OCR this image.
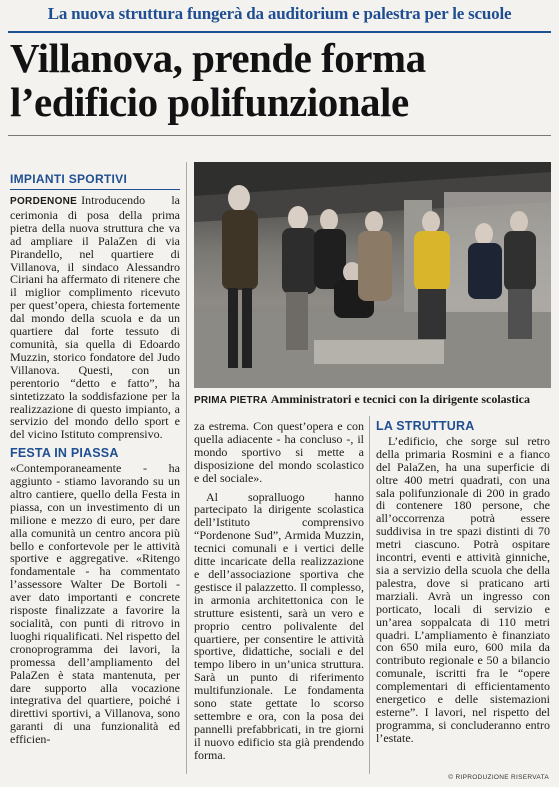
La nuova struttura fungerà da auditorium e palestra per le scuole
Villanova, prende forma
l’edificio polifunzionale
IMPIANTI SPORTIVI

PORDENONE Introducendo la cerimonia di posa della prima pietra della nuova struttura che va ad ampliare il PalaZen di via Pirandello, nel quartiere di Villanova, il sindaco Alessandro Ciriani ha affermato di ritenere che il miglior complimento ricevuto per quest’opera, chiesta fortemente dal mondo della scuola e da un quartiere dal forte tessuto di comunità, sia quella di Edoardo Muzzin, storico fondatore del Judo Villanova. Questi, con un perentorio “detto e fatto”, ha sintetizzato la soddisfazione per la realizzazione di questo impianto, a servizio del mondo dello sport e del vicino Istituto comprensivo.

FESTA IN PIASSA

«Contemporaneamente - ha aggiunto - stiamo lavorando su un altro cantiere, quello della Festa in piassa, con un investimento di un milione e mezzo di euro, per dare alla comunità un centro ancora più bello e confortevole per le attività sportive e aggregative. «Ritengo fondamentale - ha commentato l’assessore Walter De Bortoli - aver dato importanti e concrete risposte finalizzate a favorire la socialità, con punti di ritrovo in luoghi riqualificati. Nel rispetto del cronoprogramma dei lavori, la promessa dell’ampliamento del PalaZen è stata mantenuta, per dare supporto alla vocazione integrativa del quartiere, poiché i direttivi sportivi, a Villanova, sono garanti di una funzionalità ed efficien-

PRIMA PIETRA Amministratori e tecnici con la dirigente scolastica

za estrema. Con quest’opera e con quella adiacente - ha concluso -, il mondo sportivo si mette a disposizione del mondo scolastico e del sociale».

Al sopralluogo hanno partecipato la dirigente scolastica dell’Istituto comprensivo “Pordenone Sud”, Armida Muzzin, tecnici comunali e i vertici delle ditte incaricate della realizzazione e dell’associazione sportiva che gestisce il palazzetto. Il complesso, in armonia architettonica con le strutture esistenti, sarà un vero e proprio centro polivalente del quartiere, per consentire le attività sportive, didattiche, sociali e del tempo libero in un’unica struttura. Sarà un punto di riferimento multifunzionale. Le fondamenta sono state gettate lo scorso settembre e ora, con la posa dei pannelli prefabbricati, in tre giorni il nuovo edificio sta già prendendo forma.

LA STRUTTURA

L’edificio, che sorge sul retro della primaria Rosmini e a fianco del PalaZen, ha una superficie di oltre 400 metri quadrati, con una sala polifunzionale di 200 in grado di contenere 180 persone, che all’occorrenza potrà essere suddivisa in tre spazi distinti di 70 metri ciascuno. Potrà ospitare incontri, eventi e attività ginniche, sia a servizio della scuola che della palestra, dove si praticano arti marziali. Avrà un ingresso con porticato, locali di servizio e un’area soppalcata di 110 metri quadri. L’ampliamento è finanziato con 650 mila euro, 600 mila da contributo regionale e 50 a bilancio comunale, iscritti fra le “opere complementari di efficientamento energetico e delle sistemazioni esterne”. I lavori, nel rispetto del programma, si concluderanno entro l’estate.

© RIPRODUZIONE RISERVATA
